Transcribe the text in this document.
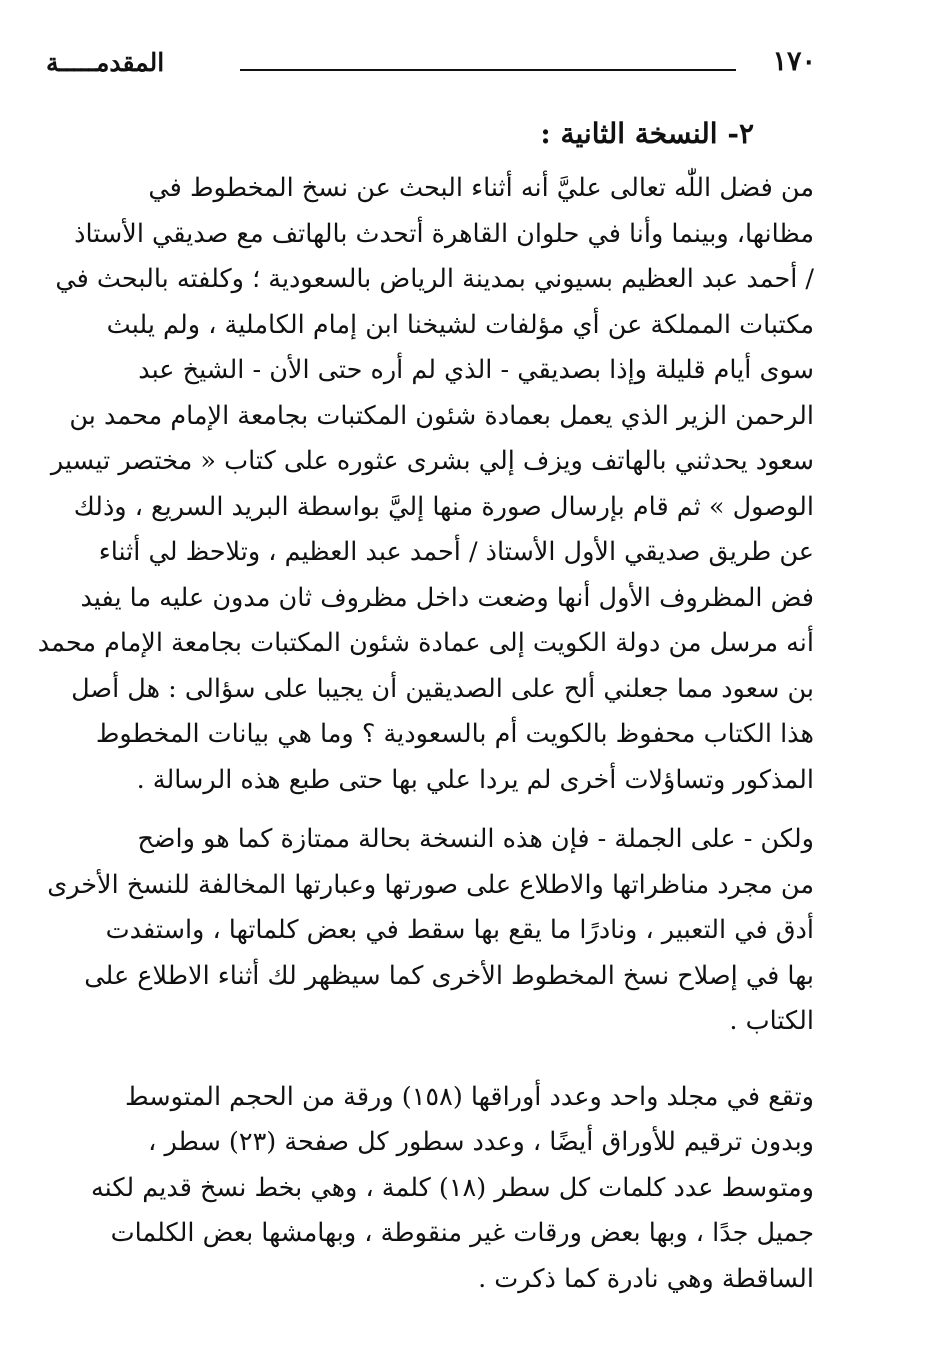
المقدمـــــة	١٧٠
٢- النسخة الثانية :

من فضل اللّٰه تعالى عليَّ أنه أثناء البحث عن نسخ المخطوط في
مظانها، وبينما وأنا في حلوان القاهرة أتحدث بالهاتف مع صديقي الأستاذ
/ أحمد عبد العظيم بسيوني بمدينة الرياض بالسعودية ؛ وكلفته بالبحث في
مكتبات المملكة عن أي مؤلفات لشيخنا ابن إمام الكاملية ، ولم يلبث
سوى أيام قليلة وإذا بصديقي - الذي لم أره حتى الأن - الشيخ عبد
الرحمن الزير الذي يعمل بعمادة شئون المكتبات بجامعة الإمام محمد بن
سعود يحدثني بالهاتف ويزف إلي بشرى عثوره على كتاب « مختصر تيسير
الوصول » ثم قام بإرسال صورة منها إليَّ بواسطة البريد السريع ، وذلك
عن طريق صديقي الأول الأستاذ / أحمد عبد العظيم ، وتلاحظ لي أثناء
فض المظروف الأول أنها وضعت داخل مظروف ثان مدون عليه ما يفيد
أنه مرسل من دولة الكويت إلى عمادة شئون المكتبات بجامعة الإمام محمد
بن سعود مما جعلني ألح على الصديقين أن يجيبا على سؤالى : هل أصل
هذا الكتاب محفوظ بالكويت أم بالسعودية ؟ وما هي بيانات المخطوط
المذكور وتساؤلات أخرى لم يردا علي بها حتى طبع هذه الرسالة .

ولكن - على الجملة - فإن هذه النسخة بحالة ممتازة كما هو واضح
من مجرد مناظراتها والاطلاع على صورتها وعبارتها المخالفة للنسخ الأخرى
أدق في التعبير ، ونادرًا ما يقع بها سقط في بعض كلماتها ، واستفدت
بها في إصلاح نسخ المخطوط الأخرى كما سيظهر لك أثناء الاطلاع على
الكتاب .

وتقع في مجلد واحد وعدد أوراقها (١٥٨) ورقة من الحجم المتوسط
وبدون ترقيم للأوراق أيضًا ، وعدد سطور كل صفحة (٢٣) سطر ،
ومتوسط عدد كلمات كل سطر (١٨) كلمة ، وهي بخط نسخ قديم لكنه
جميل جدًا ، وبها بعض ورقات غير منقوطة ، وبهامشها بعض الكلمات
الساقطة وهي نادرة كما ذكرت .
